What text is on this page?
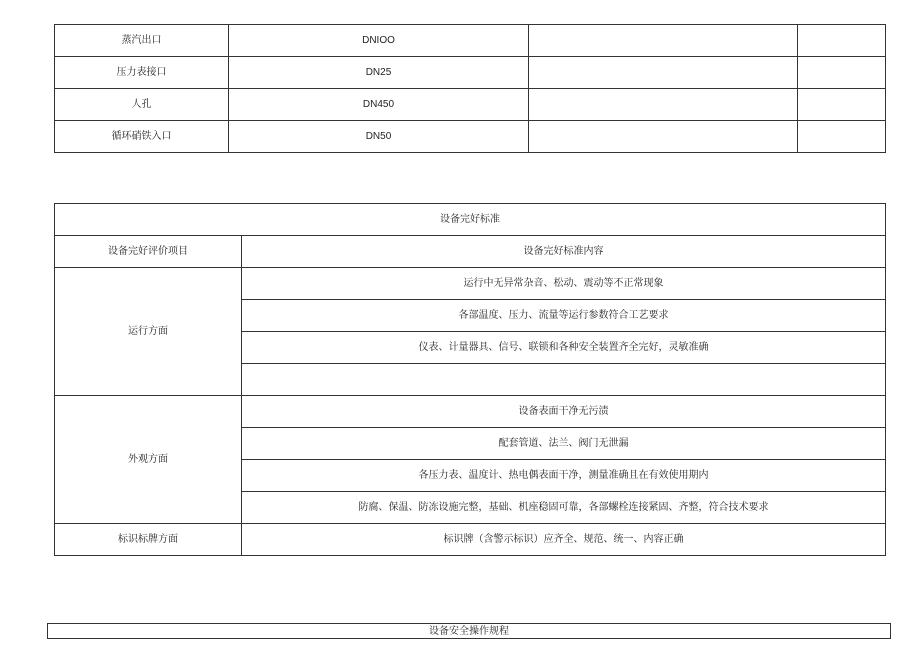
蒸汽出口	DNIOO		
压力表接口	DN25		
人孔	DN450		
循环硝铁入口	DN50		
设备完好标准	
设备完好评价项目	设备完好标准内容
运行方面	运行中无异常杂音、松动、震动等不正常现象
	各部温度、压力、流量等运行参数符合工艺要求
	仪表、计量器具、信号、联锁和各种安全装置齐全完好，灵敏准确

外观方面	设备表面干净无污渍
	配套管道、法兰、阀门无泄漏
	各压力表、温度计、热电偶表面干净，测量准确且在有效使用期内
	防腐、保温、防冻设施完整，基础、机座稳固可靠，各部螺栓连接紧固、齐整，符合技术要求
标识标牌方面	标识牌（含警示标识）应齐全、规范、统一、内容正确
设备安全操作规程
